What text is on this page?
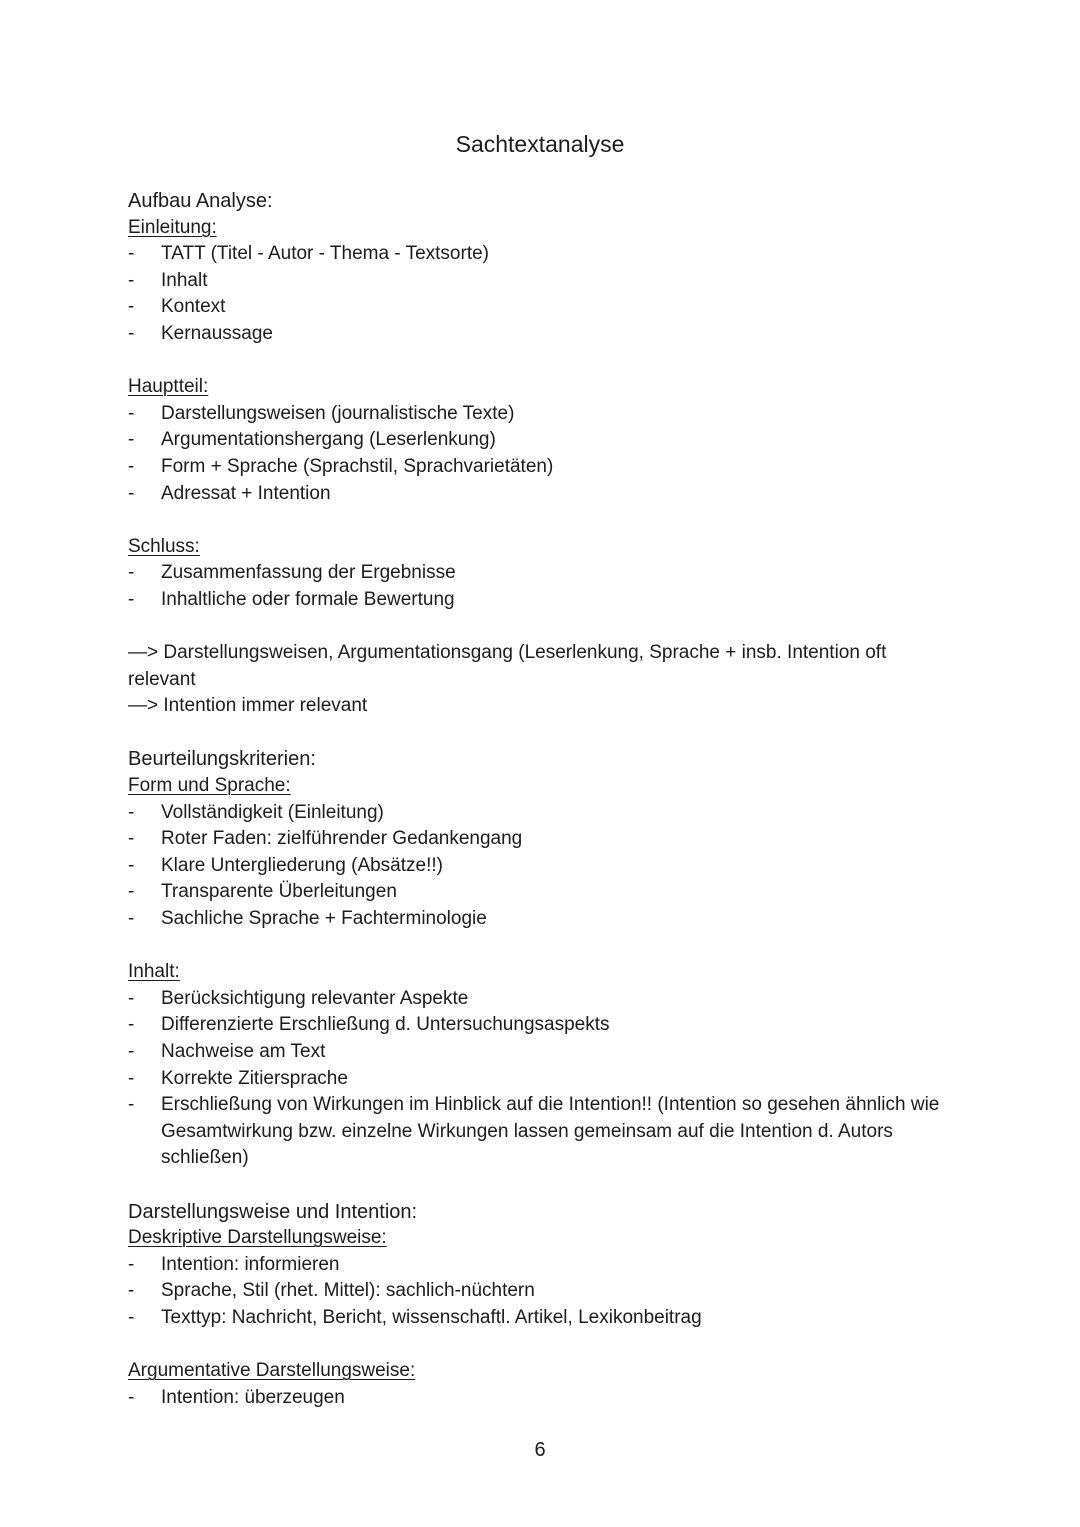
Sachtextanalyse
Aufbau Analyse:
Einleitung:
- TATT (Titel - Autor - Thema - Textsorte)
- Inhalt
- Kontext
- Kernaussage
Hauptteil:
- Darstellungsweisen (journalistische Texte)
- Argumentationshergang (Leserlenkung)
- Form + Sprache (Sprachstil, Sprachvarietäten)
- Adressat + Intention
Schluss:
- Zusammenfassung der Ergebnisse
- Inhaltliche oder formale Bewertung
—> Darstellungsweisen, Argumentationsgang (Leserlenkung, Sprache + insb. Intention oft
relevant
—> Intention immer relevant
Beurteilungskriterien:
Form und Sprache:
- Vollständigkeit (Einleitung)
- Roter Faden: zielführender Gedankengang
- Klare Untergliederung (Absätze!!)
- Transparente Überleitungen
- Sachliche Sprache + Fachterminologie
Inhalt:
- Berücksichtigung relevanter Aspekte
- Differenzierte Erschließung d. Untersuchungsaspekts
- Nachweise am Text
- Korrekte Zitiersprache
- Erschließung von Wirkungen im Hinblick auf die Intention!! (Intention so gesehen ähnlich wie Gesamtwirkung bzw. einzelne Wirkungen lassen gemeinsam auf die Intention d. Autors schließen)
Darstellungsweise und Intention:
Deskriptive Darstellungsweise:
- Intention: informieren
- Sprache, Stil (rhet. Mittel): sachlich-nüchtern
- Texttyp: Nachricht, Bericht, wissenschaftl. Artikel, Lexikonbeitrag
Argumentative Darstellungsweise:
- Intention: überzeugen
6
